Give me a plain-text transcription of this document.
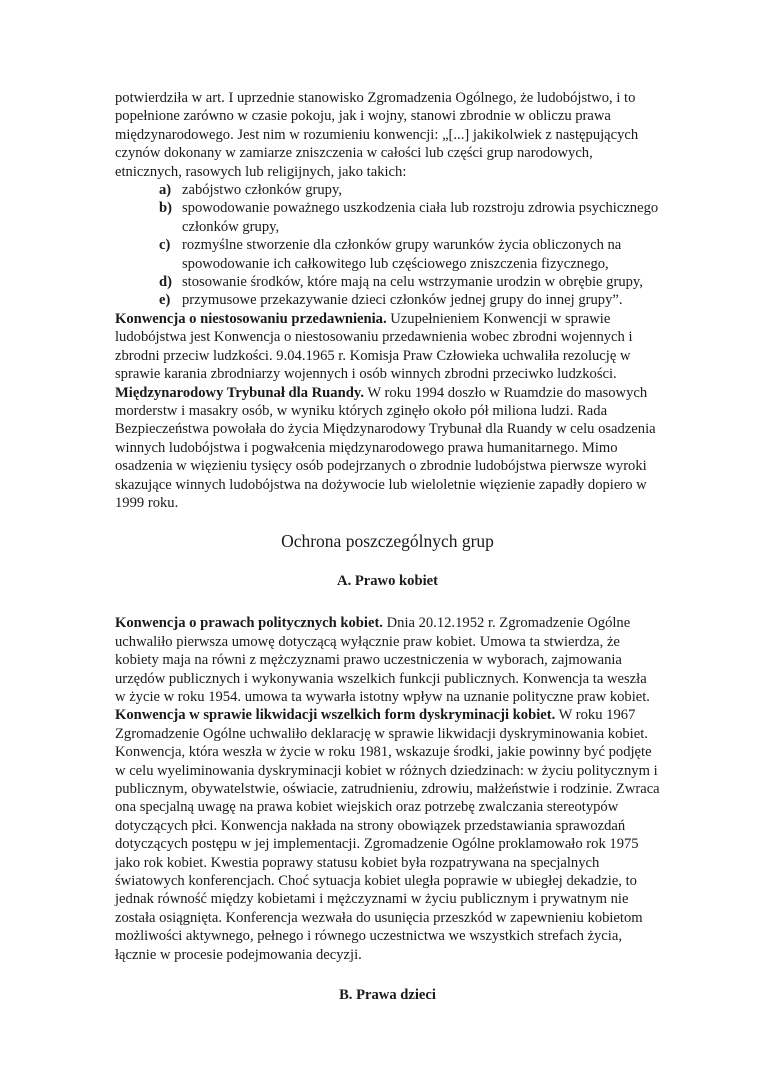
potwierdziła w art. I uprzednie stanowisko Zgromadzenia Ogólnego, że ludobójstwo, i to popełnione zarówno w czasie pokoju, jak i wojny, stanowi zbrodnie w obliczu prawa międzynarodowego. Jest nim w rozumieniu konwencji: „[...] jakikolwiek z następujących czynów dokonany w zamiarze zniszczenia w całości lub części grup narodowych, etnicznych, rasowych lub religijnych, jako takich:

a) zabójstwo członków grupy,
b) spowodowanie poważnego uszkodzenia ciała lub rozstroju zdrowia psychicznego członków grupy,
c) rozmyślne stworzenie dla członków grupy warunków życia obliczonych na spowodowanie ich całkowitego lub częściowego zniszczenia fizycznego,
d) stosowanie środków, które mają na celu wstrzymanie urodzin w obrębie grupy,
e) przymusowe przekazywanie dzieci członków jednej grupy do innej grupy”.

Konwencja o niestosowaniu przedawnienia. Uzupełnieniem Konwencji w sprawie ludobójstwa jest Konwencja o niestosowaniu przedawnienia wobec zbrodni wojennych i zbrodni przeciw ludzkości. 9.04.1965 r. Komisja Praw Człowieka uchwaliła rezolucję w sprawie karania zbrodniarzy wojennych i osób winnych zbrodni przeciwko ludzkości.

Międzynarodowy Trybunał dla Ruandy. W roku 1994 doszło w Ruamdzie do masowych morderstw i masakry osób, w wyniku których zginęło około pół miliona ludzi. Rada Bezpieczeństwa powołała do życia Międzynarodowy Trybunał dla Ruandy w celu osadzenia winnych ludobójstwa i pogwałcenia międzynarodowego prawa humanitarnego. Mimo osadzenia w więzieniu tysięcy osób podejrzanych o zbrodnie ludobójstwa pierwsze wyroki skazujące winnych ludobójstwa na dożywocie lub wieloletnie więzienie zapadły dopiero w 1999 roku.

Ochrona poszczególnych grup
A. Prawo kobiet

Konwencja o prawach politycznych kobiet. Dnia 20.12.1952 r. Zgromadzenie Ogólne uchwaliło pierwsza umowę dotyczącą wyłącznie praw kobiet. Umowa ta stwierdza, że kobiety maja na równi z mężczyznami prawo uczestniczenia w wyborach, zajmowania urzędów publicznych i wykonywania wszelkich funkcji publicznych. Konwencja ta weszła w życie w roku 1954. umowa ta wywarła istotny wpływ na uznanie polityczne praw kobiet.

Konwencja w sprawie likwidacji wszelkich form dyskryminacji kobiet. W roku 1967 Zgromadzenie Ogólne uchwaliło deklarację w sprawie likwidacji dyskryminowania kobiet. Konwencja, która weszła w życie w roku 1981, wskazuje środki, jakie powinny być podjęte w celu wyeliminowania dyskryminacji kobiet w różnych dziedzinach: w życiu politycznym i publicznym, obywatelstwie, oświacie, zatrudnieniu, zdrowiu, małżeństwie i rodzinie. Zwraca ona specjalną uwagę na prawa kobiet wiejskich oraz potrzebę zwalczania stereotypów dotyczących płci. Konwencja nakłada na strony obowiązek przedstawiania sprawozdań dotyczących postępu w jej implementacji. Zgromadzenie Ogólne proklamowało rok 1975 jako rok kobiet. Kwestia poprawy statusu kobiet była rozpatrywana na specjalnych światowych konferencjach. Choć sytuacja kobiet uległa poprawie w ubiegłej dekadzie, to jednak równość między kobietami i mężczyznami w życiu publicznym i prywatnym nie została osiągnięta. Konferencja wezwała do usunięcia przeszkód w zapewnieniu kobietom możliwości aktywnego, pełnego i równego uczestnictwa we wszystkich strefach życia, łącznie w procesie podejmowania decyzji.

B. Prawa dzieci
